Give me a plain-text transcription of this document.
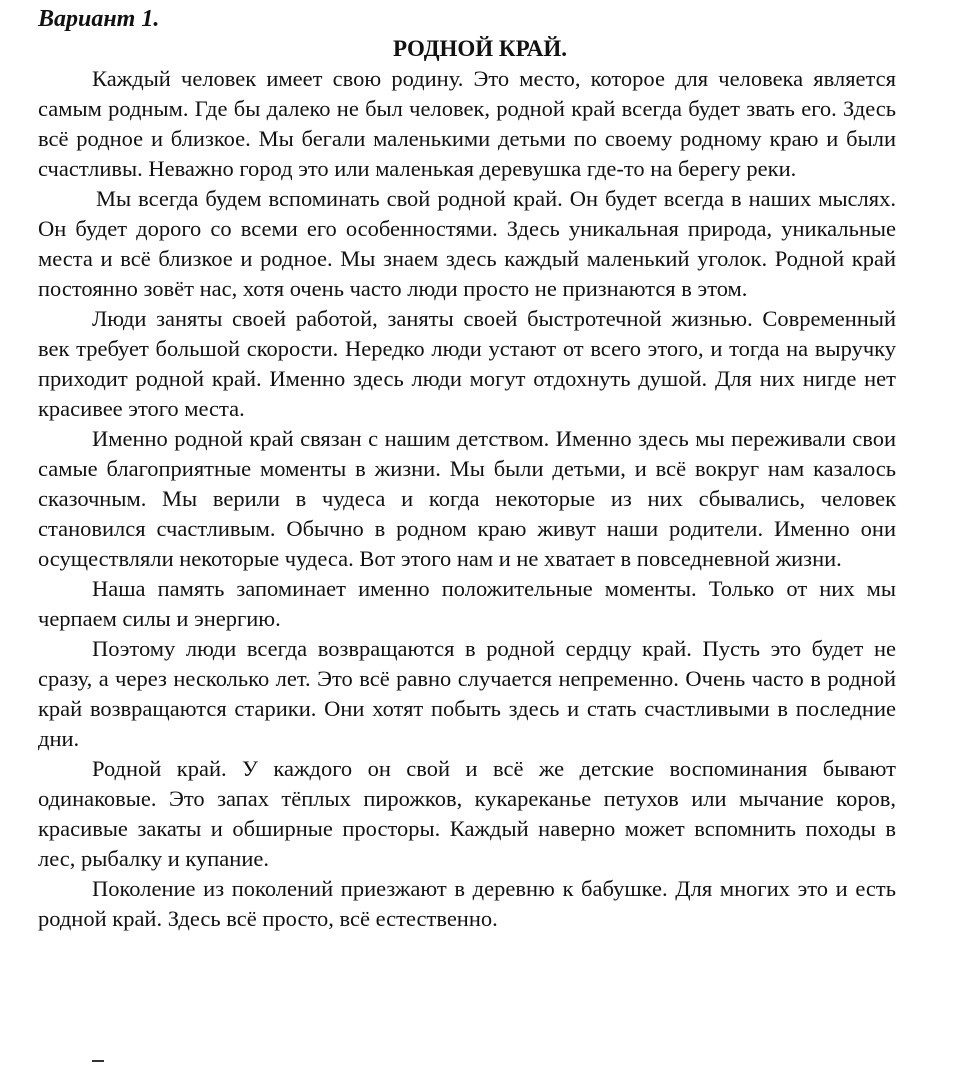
Вариант 1.
РОДНОЙ КРАЙ.

Каждый человек имеет свою родину. Это место, которое для человека является самым родным. Где бы далеко не был человек, родной край всегда будет звать его. Здесь всё родное и близкое. Мы бегали маленькими детьми по своему родному краю и были счастливы. Неважно город это или маленькая деревушка где-то на берегу реки.

Мы всегда будем вспоминать свой родной край. Он будет всегда в наших мыслях. Он будет дорого со всеми его особенностями. Здесь уникальная природа, уникальные места и всё близкое и родное. Мы знаем здесь каждый маленький уголок. Родной край постоянно зовёт нас, хотя очень часто люди просто не признаются в этом.

Люди заняты своей работой, заняты своей быстротечной жизнью. Современный век требует большой скорости. Нередко люди устают от всего этого, и тогда на выручку приходит родной край. Именно здесь люди могут отдохнуть душой. Для них нигде нет красивее этого места.

Именно родной край связан с нашим детством. Именно здесь мы переживали свои самые благоприятные моменты в жизни. Мы были детьми, и всё вокруг нам казалось сказочным. Мы верили в чудеса и когда некоторые из них сбывались, человек становился счастливым. Обычно в родном краю живут наши родители. Именно они осуществляли некоторые чудеса. Вот этого нам и не хватает в повседневной жизни.

Наша память запоминает именно положительные моменты. Только от них мы черпаем силы и энергию.

Поэтому люди всегда возвращаются в родной сердцу край. Пусть это будет не сразу, а через несколько лет. Это всё равно случается непременно. Очень часто в родной край возвращаются старики. Они хотят побыть здесь и стать счастливыми в последние дни.

Родной край. У каждого он свой и всё же детские воспоминания бывают одинаковые. Это запах тёплых пирожков, кукареканье петухов или мычание коров, красивые закаты и обширные просторы. Каждый наверно может вспомнить походы в лес, рыбалку и купание.

Поколение из поколений приезжают в деревню к бабушке. Для многих это и есть родной край. Здесь всё просто, всё естественно.
